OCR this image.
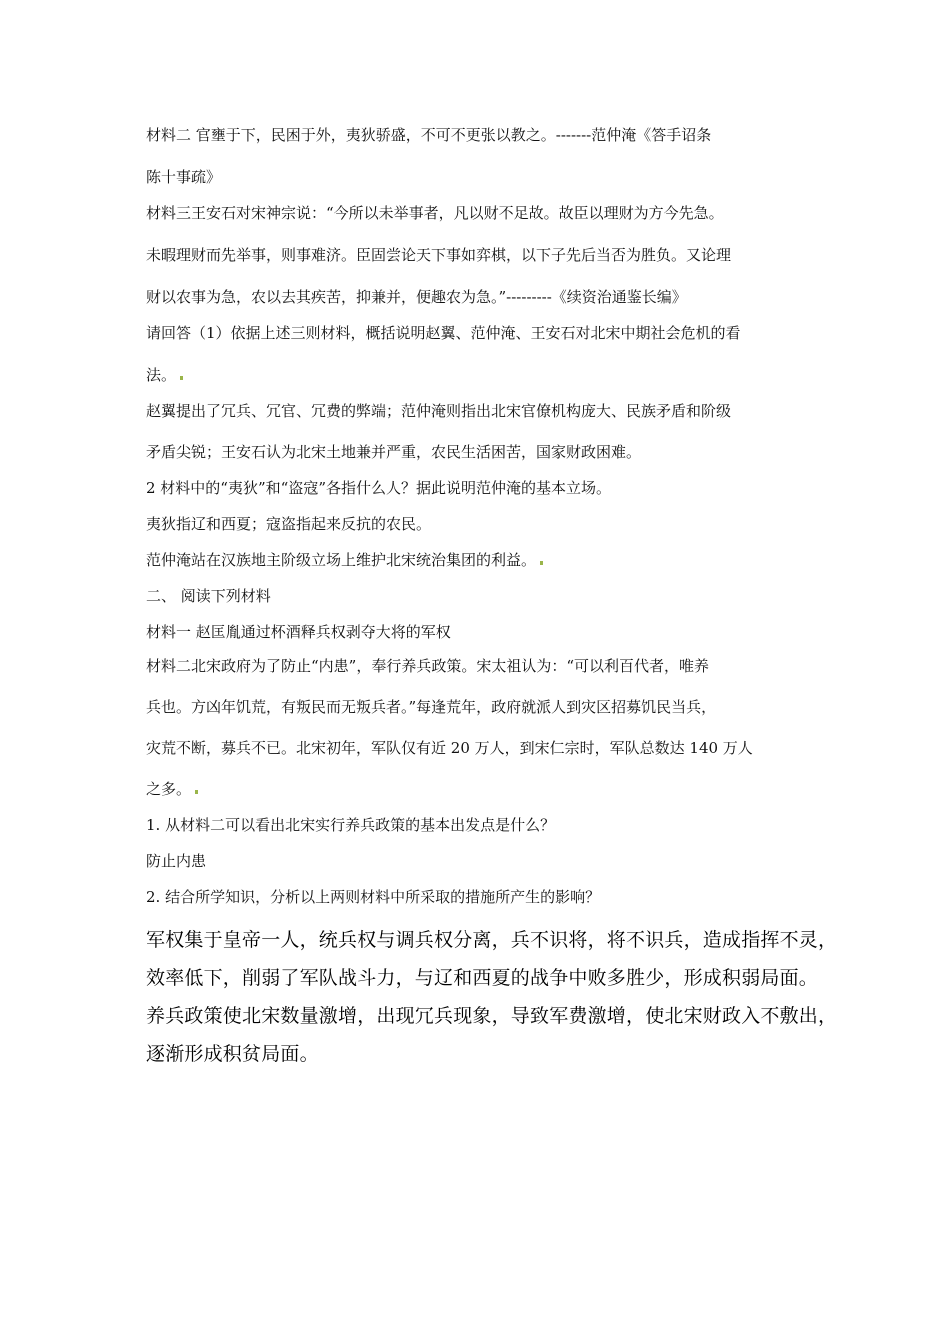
材料二 官壅于下，民困于外，夷狄骄盛，不可不更张以教之。-------范仲淹《答手诏条
陈十事疏》
材料三王安石对宋神宗说：“今所以未举事者，凡以财不足故。故臣以理财为方今先急。
未暇理财而先举事，则事难济。臣固尝论天下事如弈棋，以下子先后当否为胜负。又论理
财以农事为急，农以去其疾苦，抑兼并，便趣农为急。”---------《续资治通鉴长编》
请回答（1）依据上述三则材料，概括说明赵翼、范仲淹、王安石对北宋中期社会危机的看
法。
赵翼提出了冗兵、冗官、冗费的弊端；范仲淹则指出北宋官僚机构庞大、民族矛盾和阶级
矛盾尖锐；王安石认为北宋土地兼并严重，农民生活困苦，国家财政困难。
2 材料中的“夷狄”和“盗寇”各指什么人？据此说明范仲淹的基本立场。
夷狄指辽和西夏；寇盗指起来反抗的农民。
范仲淹站在汉族地主阶级立场上维护北宋统治集团的利益。
二、 阅读下列材料
材料一 赵匡胤通过杯酒释兵权剥夺大将的军权
材料二北宋政府为了防止“内患”，奉行养兵政策。宋太祖认为：“可以利百代者，唯养
兵也。方凶年饥荒，有叛民而无叛兵者。”每逢荒年，政府就派人到灾区招募饥民当兵，
灾荒不断，募兵不已。北宋初年，军队仅有近 20 万人，到宋仁宗时，军队总数达 140 万人
之多。
1. 从材料二可以看出北宋实行养兵政策的基本出发点是什么？
防止内患
2. 结合所学知识，分析以上两则材料中所采取的措施所产生的影响？
军权集于皇帝一人，统兵权与调兵权分离，兵不识将，将不识兵，造成指挥不灵，
效率低下，削弱了军队战斗力，与辽和西夏的战争中败多胜少，形成积弱局面。
养兵政策使北宋数量激增，出现冗兵现象，导致军费激增，使北宋财政入不敷出，
逐渐形成积贫局面。
